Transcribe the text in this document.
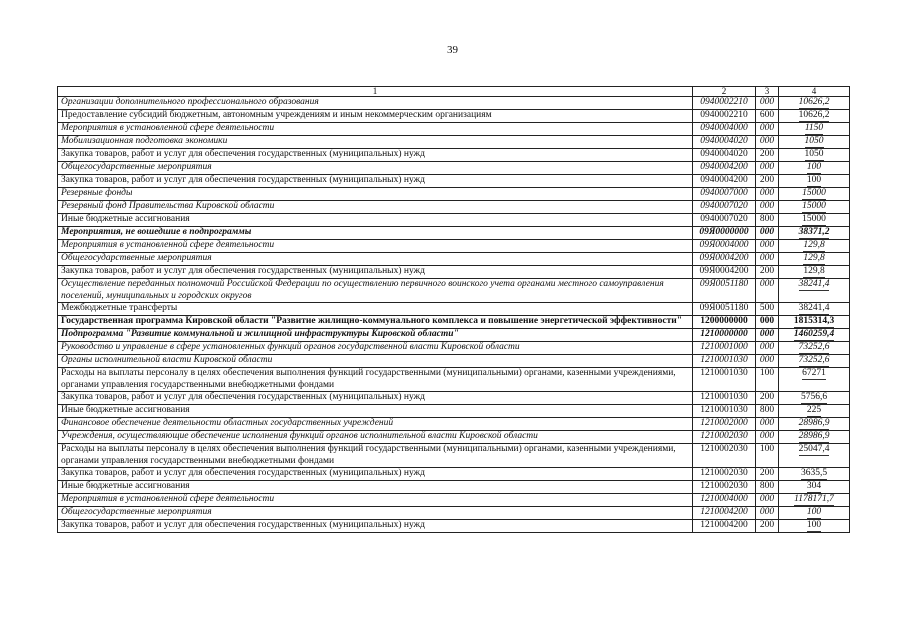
39
1	2	3	4
Организации дополнительного профессионального образования	0940002210	000	10626,2
Предоставление субсидий бюджетным, автономным учреждениям и иным некоммерческим организациям	0940002210	600	10626,2
Мероприятия в установленной сфере деятельности	0940004000	000	1150
Мобилизационная подготовка экономики	0940004020	000	1050
Закупка товаров, работ и услуг для обеспечения государственных (муниципальных) нужд	0940004020	200	1050
Общегосударственные мероприятия	0940004200	000	100
Закупка товаров, работ и услуг для обеспечения государственных (муниципальных) нужд	0940004200	200	100
Резервные фонды	0940007000	000	15000
Резервный фонд Правительства Кировской области	0940007020	000	15000
Иные бюджетные ассигнования	0940007020	800	15000
Мероприятия, не вошедшие в подпрограммы	09Я0000000	000	38371,2
Мероприятия в установленной сфере деятельности	09Я0004000	000	129,8
Общегосударственные мероприятия	09Я0004200	000	129,8
Закупка товаров, работ и услуг для обеспечения государственных (муниципальных) нужд	09Я0004200	200	129,8
Осуществление переданных полномочий Российской Федерации по осуществлению первичного воинского учета органами местного самоуправления поселений, муниципальных и городских округов	09Я0051180	000	38241,4
Межбюджетные трансферты	09Я0051180	500	38241,4
Государственная программа Кировской области "Развитие жилищно-коммунального комплекса и повышение энергетической эффективности"	1200000000	000	1815314,3
Подпрограмма "Развитие коммунальной и жилищной инфраструктуры Кировской области"	1210000000	000	1460259,4
Руководство и управление в сфере установленных функций органов государственной власти Кировской области	1210001000	000	73252,6
Органы исполнительной власти Кировской области	1210001030	000	73252,6
Расходы на выплаты персоналу в целях обеспечения выполнения функций государственными (муниципальными) органами, казенными учреждениями, органами управления государственными внебюджетными фондами	1210001030	100	67271
Закупка товаров, работ и услуг для обеспечения государственных (муниципальных) нужд	1210001030	200	5756,6
Иные бюджетные ассигнования	1210001030	800	225
Финансовое обеспечение деятельности областных государственных учреждений	1210002000	000	28986,9
Учреждения, осуществляющие обеспечение исполнения функций органов исполнительной власти Кировской области	1210002030	000	28986,9
Расходы на выплаты персоналу в целях обеспечения выполнения функций государственными (муниципальными) органами, казенными учреждениями, органами управления государственными внебюджетными фондами	1210002030	100	25047,4
Закупка товаров, работ и услуг для обеспечения государственных (муниципальных) нужд	1210002030	200	3635,5
Иные бюджетные ассигнования	1210002030	800	304
Мероприятия в установленной сфере деятельности	1210004000	000	1178171,7
Общегосударственные мероприятия	1210004200	000	100
Закупка товаров, работ и услуг для обеспечения государственных (муниципальных) нужд	1210004200	200	100
